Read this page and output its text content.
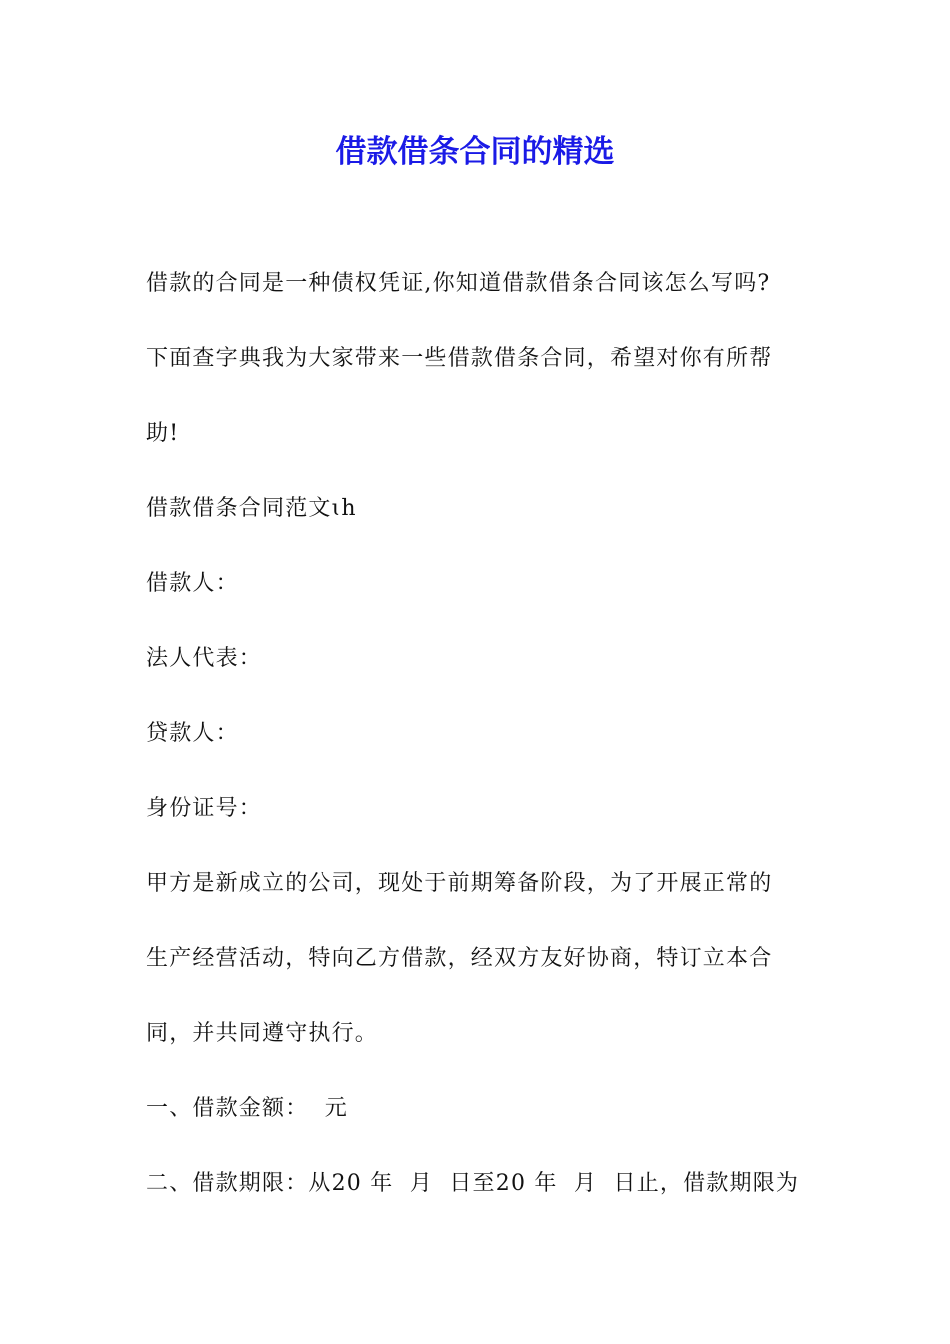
借款借条合同的精选
借款的合同是一种债权凭证,你知道借款借条合同该怎么写吗?
下面查字典我为大家带来一些借款借条合同，希望对你有所帮
助!
借款借条合同范文ɩh
借款人：
法人代表：
贷款人：
身份证号：
甲方是新成立的公司，现处于前期筹备阶段，为了开展正常的
生产经营活动，特向乙方借款，经双方友好协商，特订立本合
同，并共同遵守执行。
一、借款金额：  元
二、借款期限：从20 年  月  日至20 年  月  日止，借款期限为
